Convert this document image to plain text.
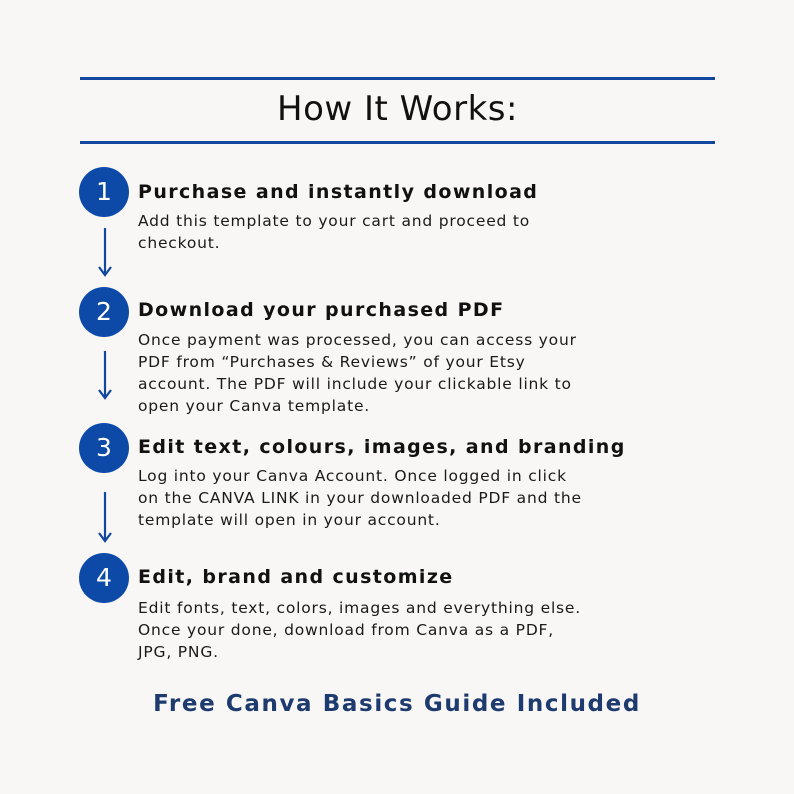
How It Works:
1	Purchase and instantly download
Add this template to your cart and proceed to
checkout.
2	Download your purchased PDF
Once payment was processed, you can access your
PDF from “Purchases & Reviews” of your Etsy
account. The PDF will include your clickable link to
open your Canva template.
3	Edit text, colours, images, and branding
Log into your Canva Account. Once logged in click
on the CANVA LINK in your downloaded PDF and the
template will open in your account.
4	Edit, brand and customize
Edit fonts, text, colors, images and everything else.
Once your done, download from Canva as a PDF,
JPG, PNG.
Free Canva Basics Guide Included
